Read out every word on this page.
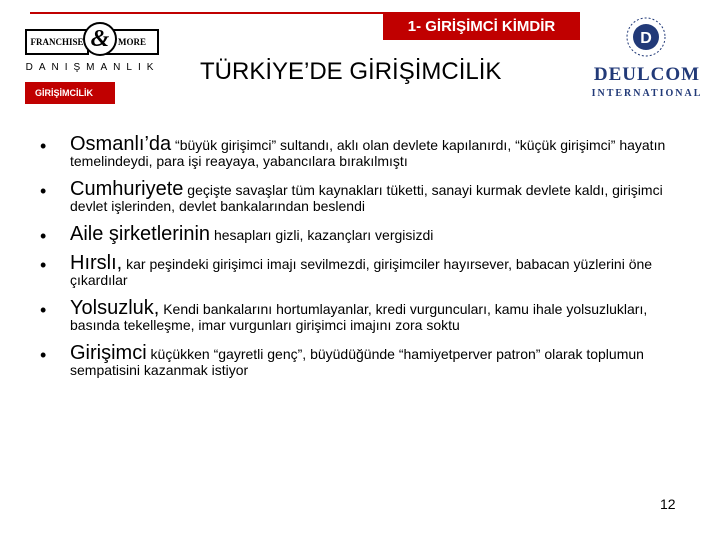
1- GİRİŞİMCİ KİMDİR
FRANCHISE	MORE
&
DANIŞMANLIK
GİRİŞİMCİLİK
D
DEULCOM
INTERNATIONAL
TÜRKİYE’DE GİRİŞİMCİLİK
• Osmanlı’da “büyük girişimci” sultandı, aklı olan devlete kapılanırdı, “küçük girişimci” hayatın temelindeydi, para işi reayaya, yabancılara bırakılmıştı
• Cumhuriyete geçişte savaşlar tüm kaynakları tüketti, sanayi kurmak devlete kaldı, girişimci devlet işlerinden, devlet bankalarından beslendi
• Aile şirketlerinin hesapları gizli, kazançları vergisizdi
• Hırslı, kar peşindeki girişimci imajı sevilmezdi, girişimciler hayırsever, babacan yüzlerini öne çıkardılar
• Yolsuzluk, Kendi bankalarını hortumlayanlar, kredi vurguncuları, kamu ihale yolsuzlukları, basında tekelleşme, imar vurgunları girişimci imajını zora soktu
• Girişimci küçükken “gayretli genç”, büyüdüğünde “hamiyetperver patron” olarak toplumun sempatisini kazanmak istiyor
12
